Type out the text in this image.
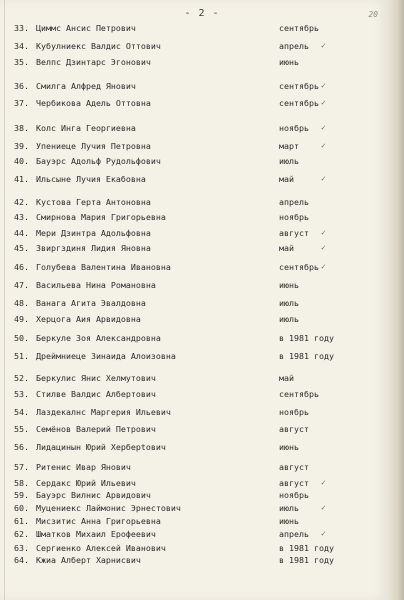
- 2 -	20
33. Циммс Ансис Петрович	сентябрь
34. Кубулниекс Валдис Оттович	апрель ✓
35. Велпс Дзинтарс Эгонович	июнь
36. Смилга Алфред Янович	сентябрь ✓
37. Чербикова Адель Оттовна	сентябрь ✓
38. Колс Инга Георгиевна	ноябрь ✓
39. Упениеце Лучия Петровна	март	✓
40. Бауэрс Адольф Рудольфович	июль
41. Ильсыне Лучия Екабовна	май	✓
42. Кустова Герта Антоновна	апрель
43. Смирнова Мария Григорьевна	ноябрь
44. Мери Дзинтра Адольфовна	август ✓
45. Звиргздиня Лидия Яновна	май	✓
46. Голубева Валентина Ивановна	сентябрь ✓
47. Васильева Нина Романовна	июнь
48. Ванага Агита Эвалдовна	июль
49. Херцога Аия Арвидовна	июль
50. Беркуле Зоя Александровна	в 1981 году
51. Дреймниеце Зинаида Алоизовна	в 1981 году
52. Беркулис Янис Хелмутович	май
53. Стилве Валдис Албертович	сентябрь
54. Лаздекалнс Маргерия Ильевич	ноябрь
55. Семёнов Валерий Петрович	август
56. Лидацинын Юрий Херберtович	июнь
57. Ритенис Ивар Янович	август
58. Сердакс Юрий Ильевич	август ✓
59. Бауэрс Вилнис Арвидович	ноябрь
60. Муцениекс Лаймонис Эрнестович	июль	✓
61. Мисзитис Анна Григорьевна	июнь
62. Шматков Михаил Ерофеевич	апрель ✓
63. Сергиенко Алексей Иванович	в 1981 году
64. Кжиа Алберт Харнисвич	в 1981 году
